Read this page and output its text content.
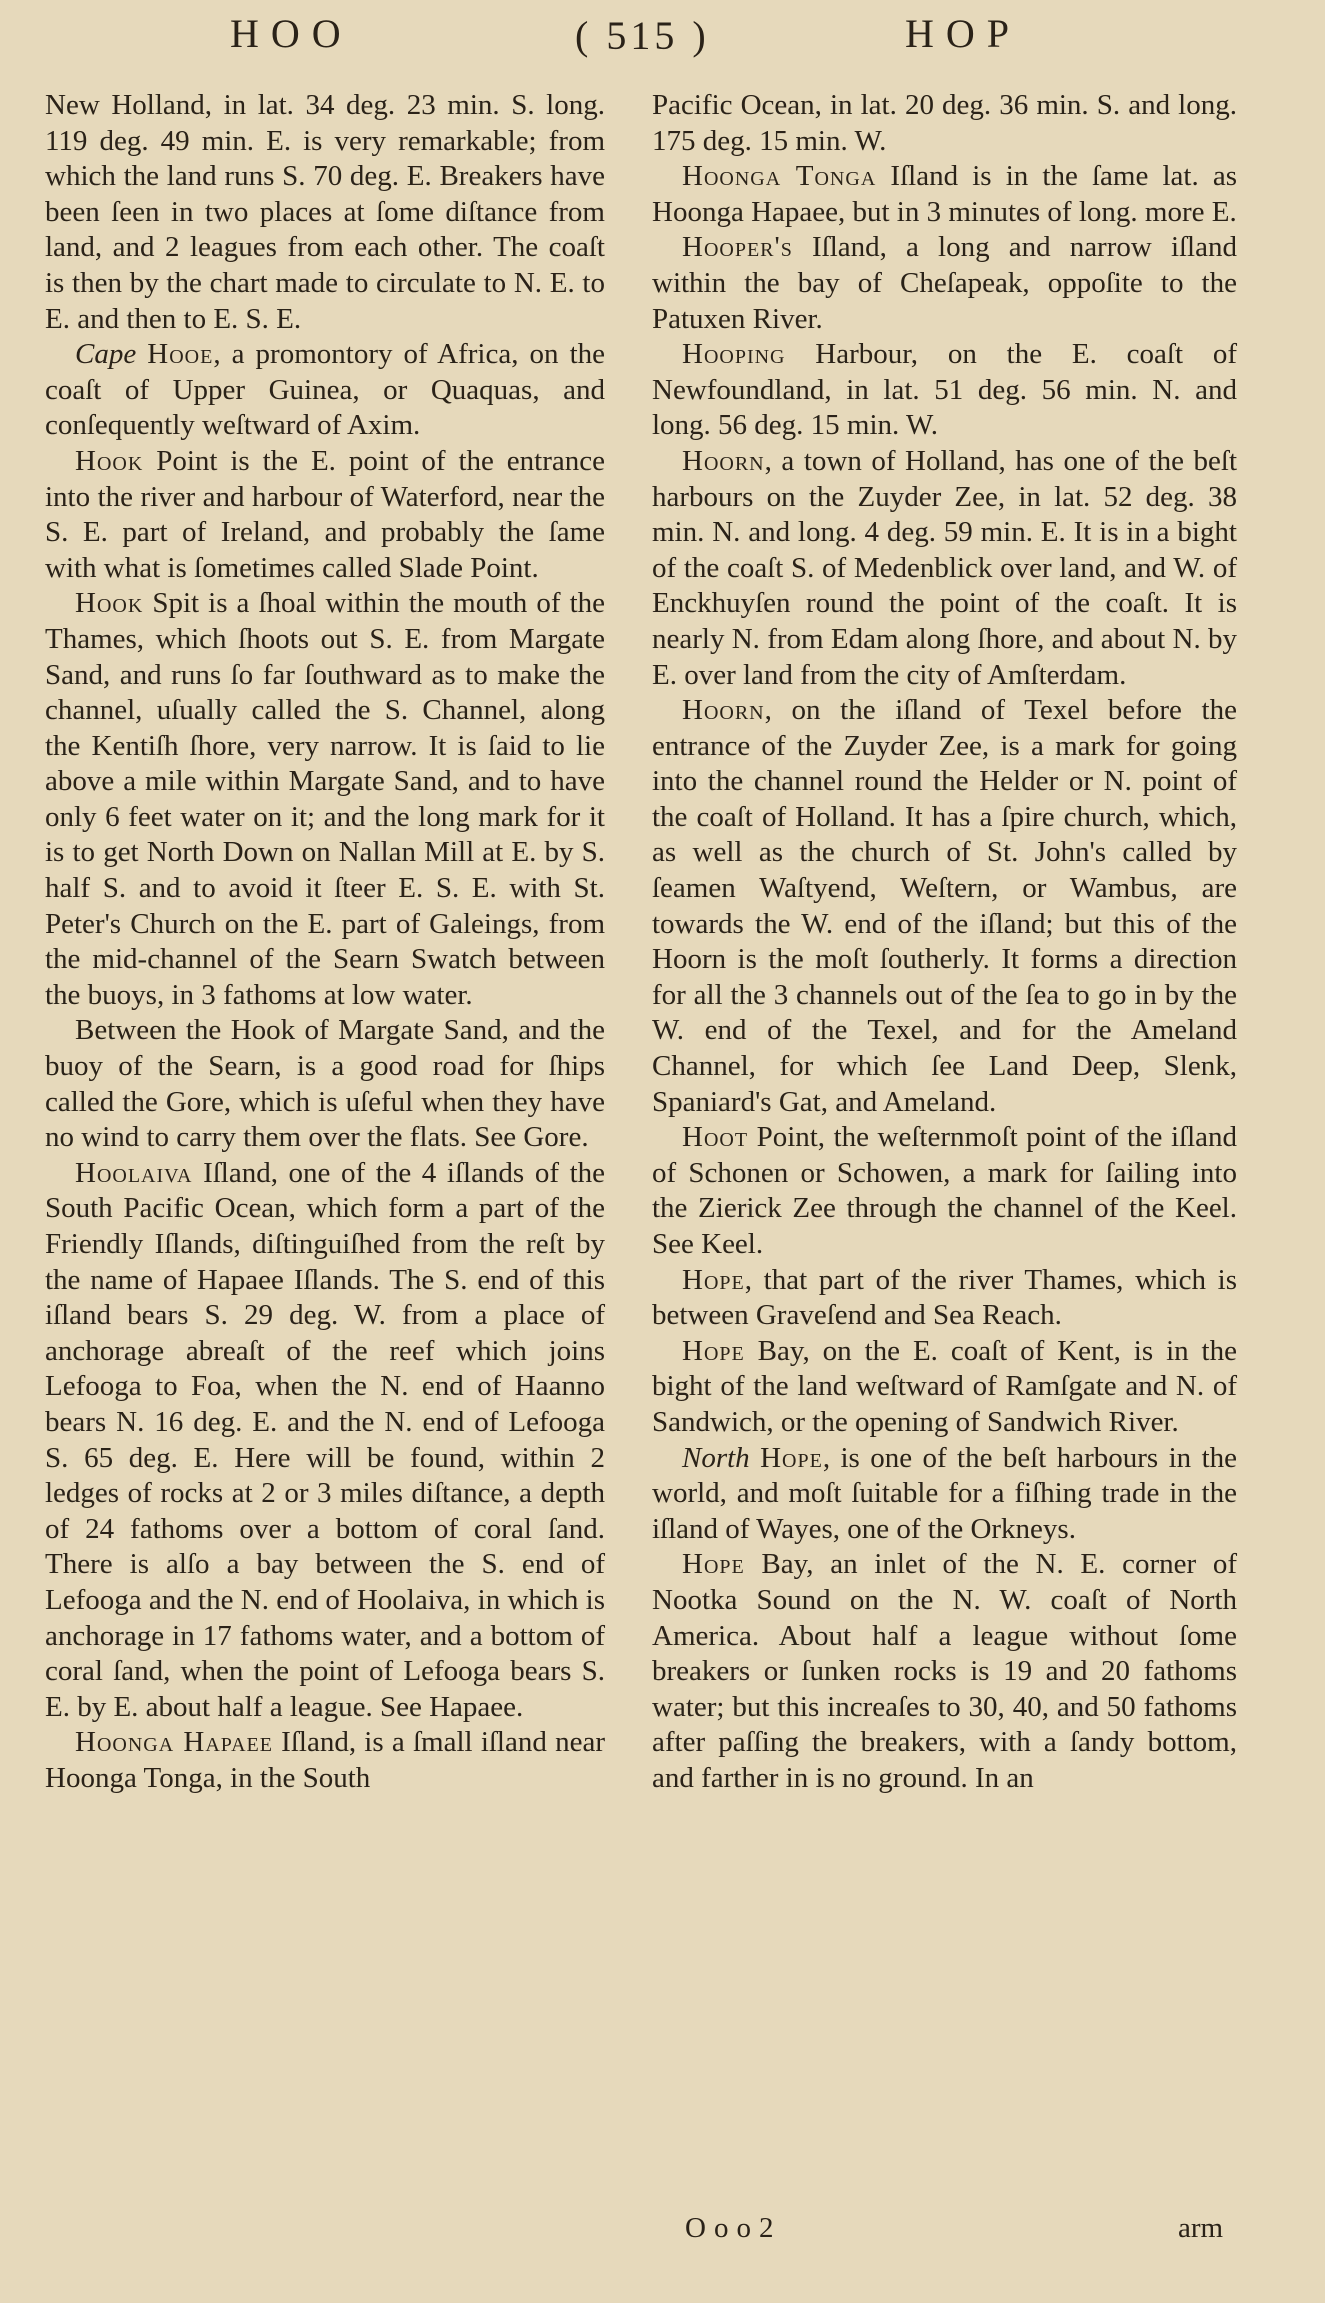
HOO	( 515 )	HOP

New Holland, in lat. 34 deg. 23 min. S. long. 119 deg. 49 min. E. is very remarkable; from which the land runs S. 70 deg. E. Breakers have been ſeen in two places at ſome diſtance from land, and 2 leagues from each other. The coaſt is then by the chart made to circulate to N. E. to E. and then to E. S. E.

Cape Hooe, a promontory of Africa, on the coaſt of Upper Guinea, or Quaquas, and conſequently weſtward of Axim.

Hook Point is the E. point of the entrance into the river and harbour of Waterford, near the S. E. part of Ireland, and probably the ſame with what is ſometimes called Slade Point.

Hook Spit is a ſhoal within the mouth of the Thames, which ſhoots out S. E. from Margate Sand, and runs ſo far ſouthward as to make the channel, uſually called the S. Channel, along the Kentiſh ſhore, very narrow. It is ſaid to lie above a mile within Margate Sand, and to have only 6 feet water on it; and the long mark for it is to get North Down on Nallan Mill at E. by S. half S. and to avoid it ſteer E. S. E. with St. Peter's Church on the E. part of Galeings, from the mid-channel of the Searn Swatch between the buoys, in 3 fathoms at low water.

Between the Hook of Margate Sand, and the buoy of the Searn, is a good road for ſhips called the Gore, which is uſeful when they have no wind to carry them over the flats. See Gore.

Hoolaiva Iſland, one of the 4 iſlands of the South Pacific Ocean, which form a part of the Friendly Iſlands, diſtinguiſhed from the reſt by the name of Hapaee Iſlands. The S. end of this iſland bears S. 29 deg. W. from a place of anchorage abreaſt of the reef which joins Lefooga to Foa, when the N. end of Haanno bears N. 16 deg. E. and the N. end of Lefooga S. 65 deg. E. Here will be found, within 2 ledges of rocks at 2 or 3 miles diſtance, a depth of 24 fathoms over a bottom of coral ſand. There is alſo a bay between the S. end of Lefooga and the N. end of Hoolaiva, in which is anchorage in 17 fathoms water, and a bottom of coral ſand, when the point of Lefooga bears S. E. by E. about half a league. See Hapaee.

Hoonga Hapaee Iſland, is a ſmall iſland near Hoonga Tonga, in the South

Pacific Ocean, in lat. 20 deg. 36 min. S. and long. 175 deg. 15 min. W.

Hoonga Tonga Iſland is in the ſame lat. as Hoonga Hapaee, but in 3 minutes of long. more E.

Hooper's Iſland, a long and narrow iſland within the bay of Cheſapeak, oppoſite to the Patuxen River.

Hooping Harbour, on the E. coaſt of Newfoundland, in lat. 51 deg. 56 min. N. and long. 56 deg. 15 min. W.

Hoorn, a town of Holland, has one of the beſt harbours on the Zuyder Zee, in lat. 52 deg. 38 min. N. and long. 4 deg. 59 min. E. It is in a bight of the coaſt S. of Medenblick over land, and W. of Enckhuyſen round the point of the coaſt. It is nearly N. from Edam along ſhore, and about N. by E. over land from the city of Amſterdam.

Hoorn, on the iſland of Texel before the entrance of the Zuyder Zee, is a mark for going into the channel round the Helder or N. point of the coaſt of Holland. It has a ſpire church, which, as well as the church of St. John's called by ſeamen Waſtyend, Weſtern, or Wambus, are towards the W. end of the iſland; but this of the Hoorn is the moſt ſoutherly. It forms a direction for all the 3 channels out of the ſea to go in by the W. end of the Texel, and for the Ameland Channel, for which ſee Land Deep, Slenk, Spaniard's Gat, and Ameland.

Hoot Point, the weſternmoſt point of the iſland of Schonen or Schowen, a mark for ſailing into the Zierick Zee through the channel of the Keel. See Keel.

Hope, that part of the river Thames, which is between Graveſend and Sea Reach.

Hope Bay, on the E. coaſt of Kent, is in the bight of the land weſtward of Ramſgate and N. of Sandwich, or the opening of Sandwich River.

North Hope, is one of the beſt harbours in the world, and moſt ſuitable for a fiſhing trade in the iſland of Wayes, one of the Orkneys.

Hope Bay, an inlet of the N. E. corner of Nootka Sound on the N. W. coaſt of North America. About half a league without ſome breakers or ſunken rocks is 19 and 20 fathoms water; but this increaſes to 30, 40, and 50 fathoms after paſſing the breakers, with a ſandy bottom, and farther in is no ground. In an

Ooo2	arm
